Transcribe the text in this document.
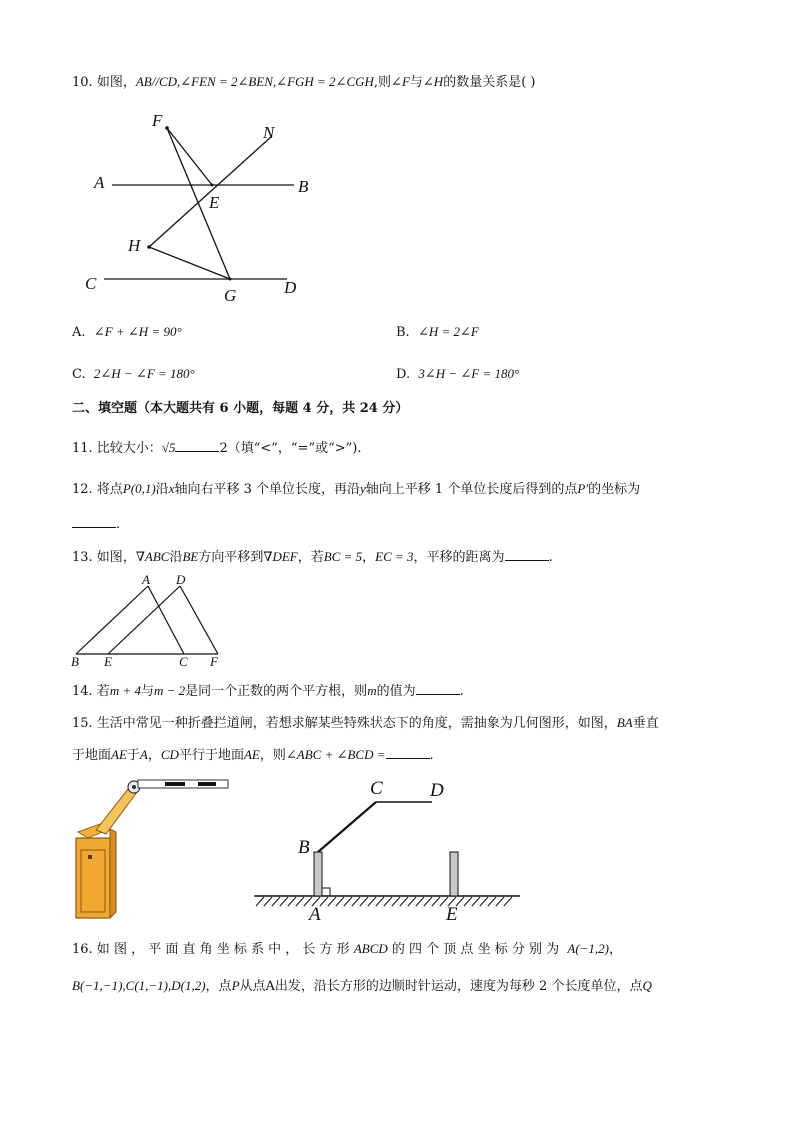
10. 如图，AB//CD,∠FEN = 2∠BEN,∠FGH = 2∠CGH,则∠F与∠H的数量关系是( )
F
N
A	B
E
H
C
G	D
A. ∠F + ∠H = 90°	B. ∠H = 2∠F
C. 2∠H − ∠F = 180°	D. 3∠H − ∠F = 180°
二、填空题（本大题共有 6 小题，每题 4 分，共 24 分）
11. 比较大小：√5	2（填“<”，“=”或“>”).
12. 将点P(0,1)沿x轴向右平移 3 个单位长度，再沿y轴向上平移 1 个单位长度后得到的点P′的坐标为
.
13. 如图，∇ABC沿BE方向平移到∇DEF，若BC = 5，EC = 3，平移的距离为	.
A D
B E	C F
14. 若m + 4与m − 2是同一个正数的两个平方根，则m的值为	.
15. 生活中常见一种折叠拦道闸，若想求解某些特殊状态下的角度，需抽象为几何图形，如图，BA垂直
于地面AE于A，CD平行于地面AE，则∠ABC + ∠BCD =	.
C D
B
A	E
16. 如 图 ， 平 面 直 角 坐 标 系 中 ， 长 方 形 ABCD 的 四 个 顶 点 坐 标 分 别 为 A(−1,2)，
B(−1,−1),C(1,−1),D(1,2)，点P从点A出发，沿长方形的边顺时针运动，速度为每秒 2 个长度单位，点Q
